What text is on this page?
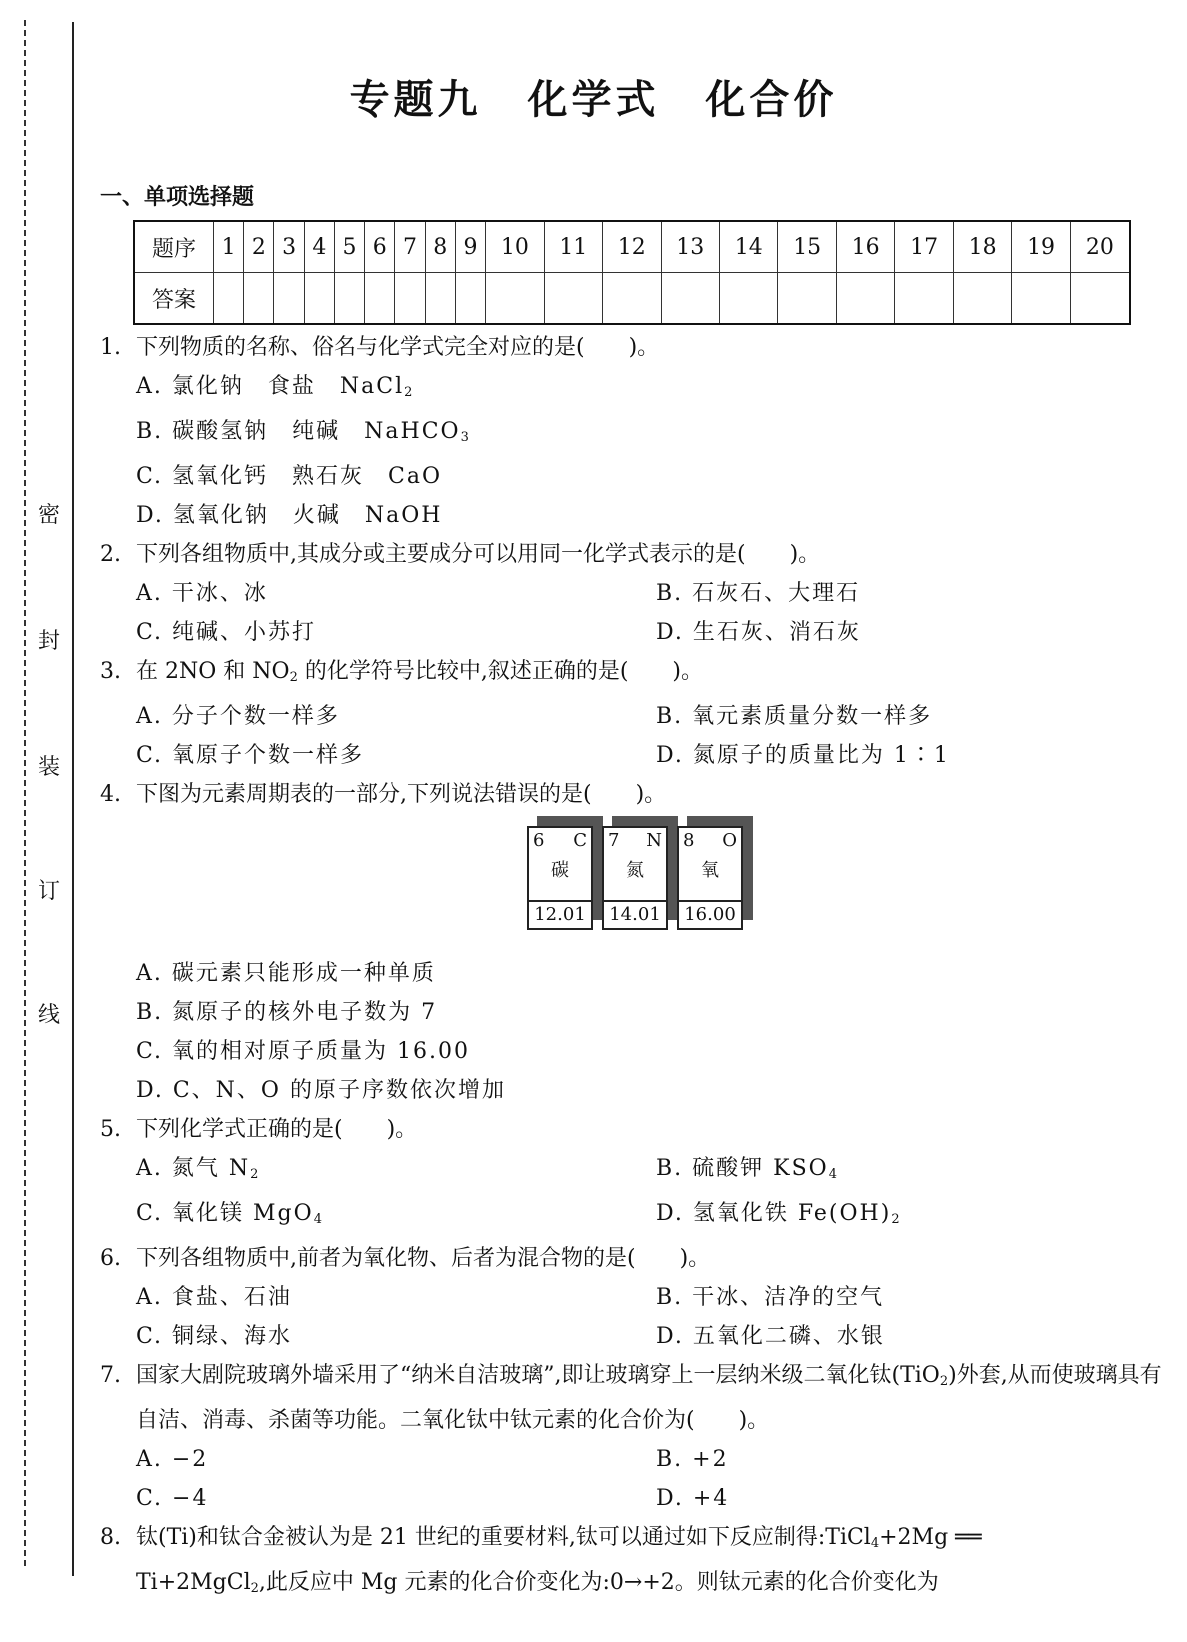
密
封
装
订
线
专题九 化学式 化合价
一、单项选择题
题序	1	2	3	4	5	6	7	8	9	10	11	12	13	14	15	16	17	18	19	20
答案																				
1. 下列物质的名称、俗名与化学式完全对应的是(　　)。
A. 氯化钠　食盐　NaCl$_2$
B. 碳酸氢钠　纯碱　NaHCO$_3$
C. 氢氧化钙　熟石灰　CaO
D. 氢氧化钠　火碱　NaOH
2. 下列各组物质中,其成分或主要成分可以用同一化学式表示的是(　　)。
A. 干冰、冰	B. 石灰石、大理石
C. 纯碱、小苏打	D. 生石灰、消石灰
3. 在 2NO 和 $NO_2$ 的化学符号比较中,叙述正确的是(　　)。
A. 分子个数一样多	B. 氧元素质量分数一样多
C. 氧原子个数一样多	D. 氮原子的质量比为 1∶1
4. 下图为元素周期表的一部分,下列说法错误的是(　　)。
6 C
碳
12.01
7 N
氮
14.01
8 O
氧
16.00
A. 碳元素只能形成一种单质
B. 氮原子的核外电子数为 7
C. 氧的相对原子质量为 16.00
D. C、N、O 的原子序数依次增加
5. 下列化学式正确的是(　　)。
A. 氮气 $N_2$	B. 硫酸钾 $KSO_4$
C. 氧化镁 MgO$_4$	D. 氢氧化铁 $Fe(OH)_2$
6. 下列各组物质中,前者为氧化物、后者为混合物的是(　　)。
A. 食盐、石油	B. 干冰、洁净的空气
C. 铜绿、海水	D. 五氧化二磷、水银
7. 国家大剧院玻璃外墙采用了“纳米自洁玻璃”,即让玻璃穿上一层纳米级二氧化钛(TiO$_2$)外套,从而使玻璃具有自洁、消毒、杀菌等功能。二氧化钛中钛元素的化合价为(　　)。
A. −2	B. +2
C. −4	D. +4
8. 钛(Ti)和钛合金被认为是 21 世纪的重要材料,钛可以通过如下反应制得:TiCl$_4$+2Mg ══
Ti+2MgCl$_2$,此反应中 Mg 元素的化合价变化为:0→+2。则钛元素的化合价变化为
